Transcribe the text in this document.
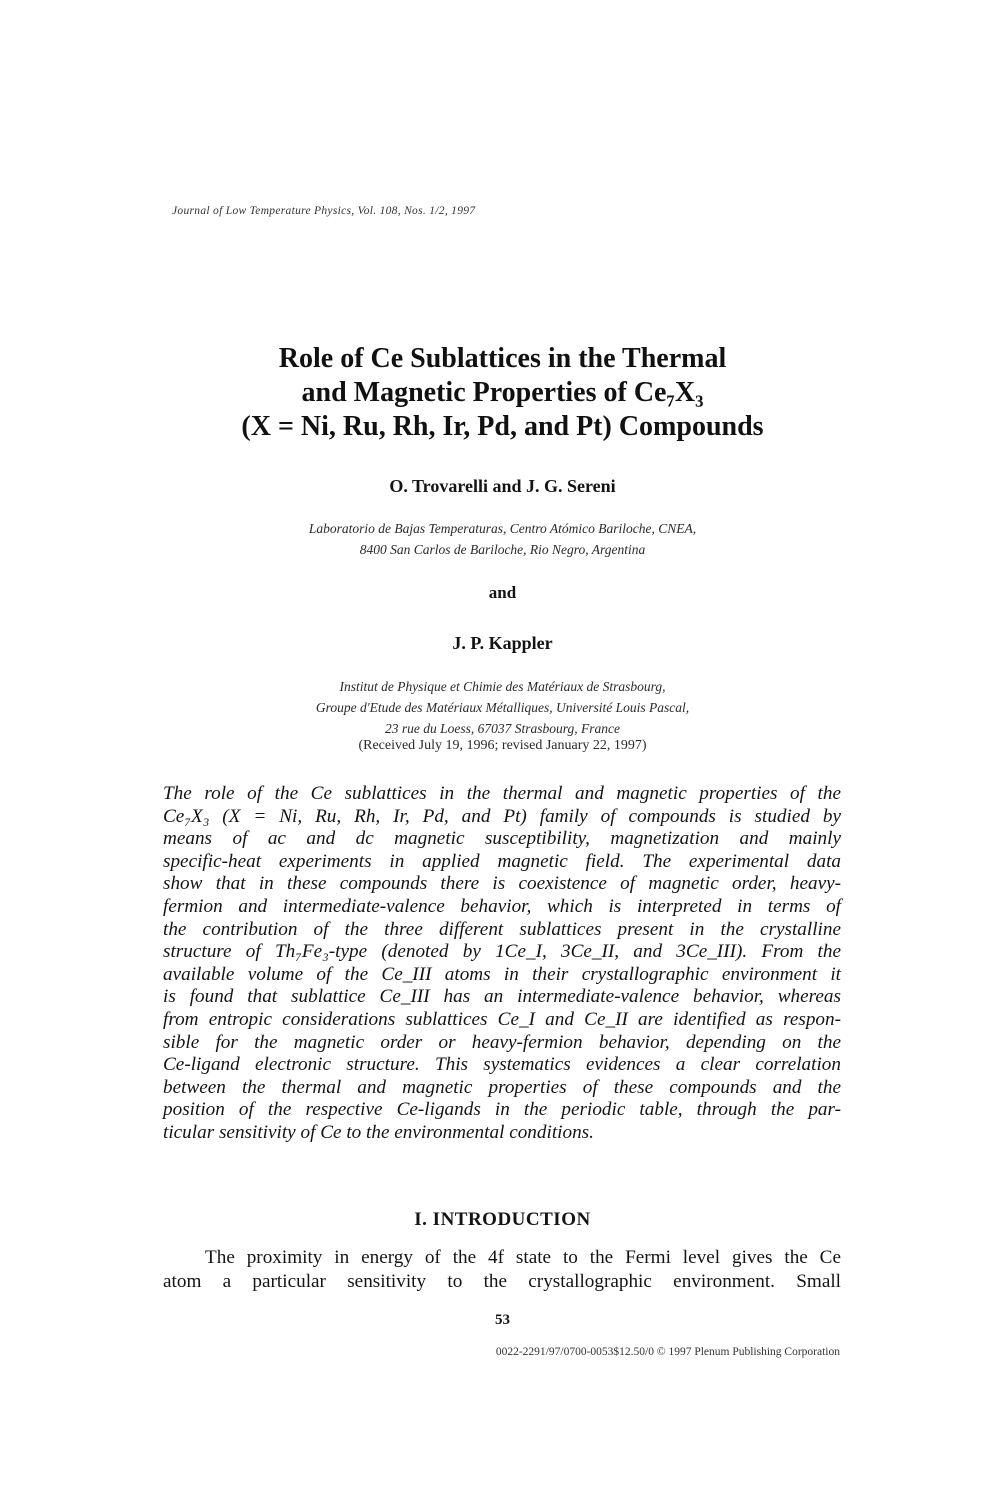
Journal of Low Temperature Physics, Vol. 108, Nos. 1/2, 1997
Role of Ce Sublattices in the Thermal
and Magnetic Properties of Ce₇X₃
(X = Ni, Ru, Rh, Ir, Pd, and Pt) Compounds
O. Trovarelli and J. G. Sereni
Laboratorio de Bajas Temperaturas, Centro Atómico Bariloche, CNEA,
8400 San Carlos de Bariloche, Rio Negro, Argentina
and
J. P. Kappler
Institut de Physique et Chimie des Matériaux de Strasbourg,
Groupe d'Etude des Matériaux Métalliques, Université Louis Pascal,
23 rue du Loess, 67037 Strasbourg, France
(Received July 19, 1996; revised January 22, 1997)
The role of the Ce sublattices in the thermal and magnetic properties of the
Ce₇X₃ (X = Ni, Ru, Rh, Ir, Pd, and Pt) family of compounds is studied by
means of ac and dc magnetic susceptibility, magnetization and mainly
specific-heat experiments in applied magnetic field. The experimental data
show that in these compounds there is coexistence of magnetic order, heavy-
fermion and intermediate-valence behavior, which is interpreted in terms of
the contribution of the three different sublattices present in the crystalline
structure of Th₇Fe₃-type (denoted by 1Ce_I, 3Ce_II, and 3Ce_III). From the
available volume of the Ce_III atoms in their crystallographic environment it
is found that sublattice Ce_III has an intermediate-valence behavior, whereas
from entropic considerations sublattices Ce_I and Ce_II are identified as respon-
sible for the magnetic order or heavy-fermion behavior, depending on the
Ce-ligand electronic structure. This systematics evidences a clear correlation
between the thermal and magnetic properties of these compounds and the
position of the respective Ce-ligands in the periodic table, through the par-
ticular sensitivity of Ce to the environmental conditions.
I. INTRODUCTION
The proximity in energy of the 4f state to the Fermi level gives the Ce
atom a particular sensitivity to the crystallographic environment. Small
53
0022-2291/97/0700-0053$12.50/0 © 1997 Plenum Publishing Corporation
